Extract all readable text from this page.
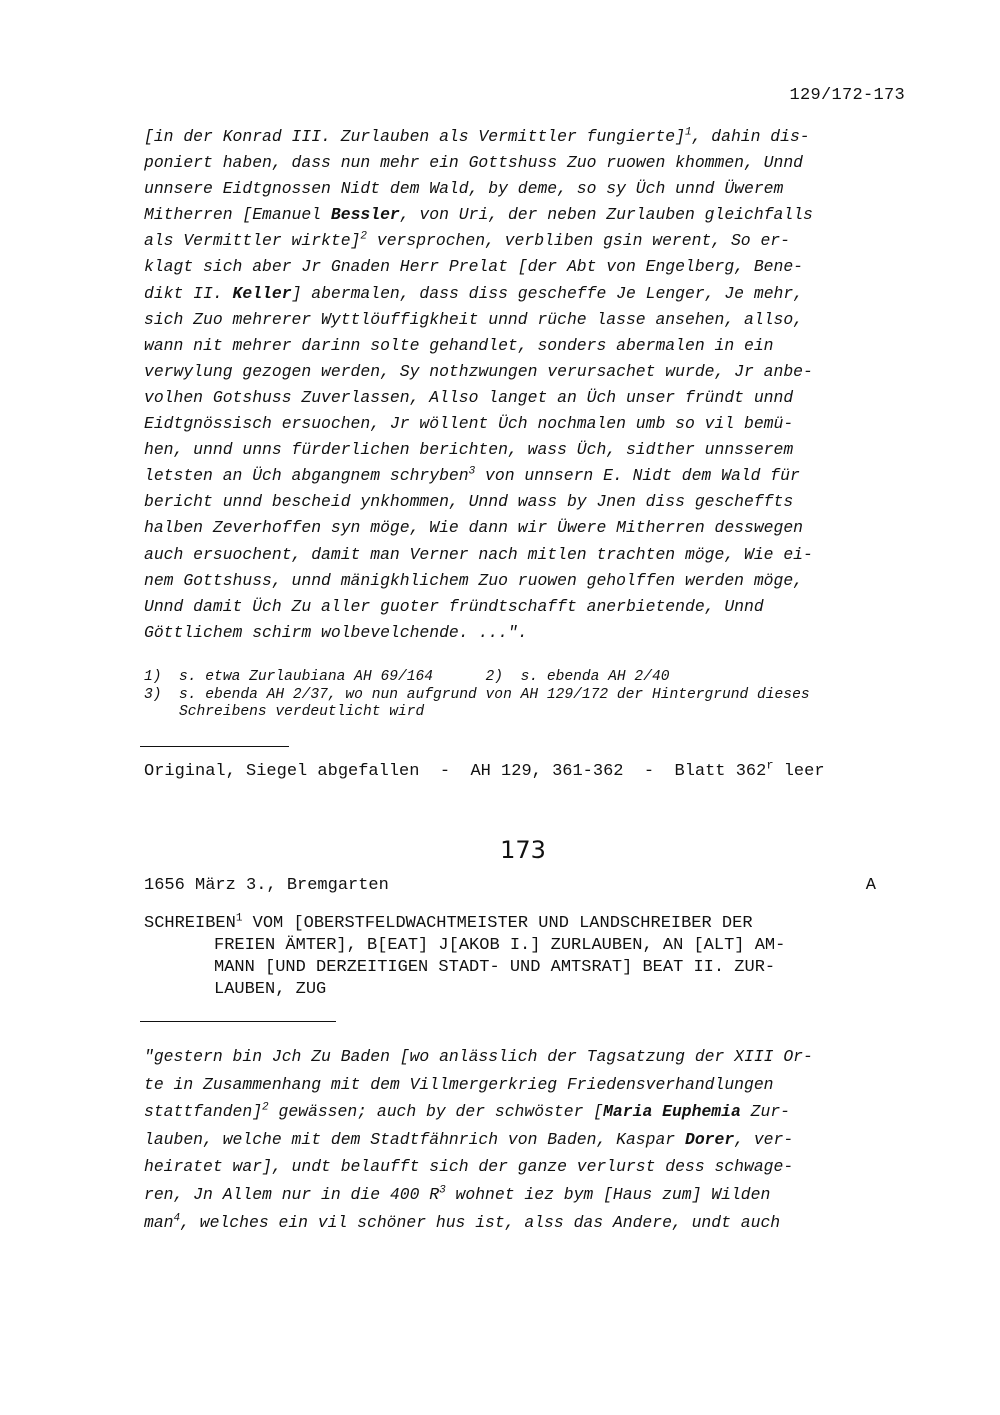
129/172-173
[in der Konrad III. Zurlauben als Vermittler fungierte]$^1$, dahin dis-
poniert haben, dass nun mehr ein Gottshuss Zuo ruowen khommen, Unnd
unnsere Eidtgnossen Nidt dem Wald, by deme, so sy Üch unnd Üwerem
Mitherren [Emanuel Bessler, von Uri, der neben Zurlauben gleichfalls
als Vermittler wirkte]$^2$ versprochen, verbliben gsin werent, So er-
klagt sich aber Jr Gnaden Herr Prelat [der Abt von Engelberg, Bene-
dikt II. Keller] abermalen, dass diss gescheffe Je Lenger, Je mehr,
sich Zuo mehrerer Wyttlöuffigkheit unnd rüche lasse ansehen, allso,
wann nit mehrer darinn solte gehandlet, sonders abermalen in ein
verwylung gezogen werden, Sy nothzwungen verursachet wurde, Jr anbe-
volhen Gotshuss Zuverlassen, Allso langet an Üch unser fründt unnd
Eidtgnössisch ersuochen, Jr wöllent Üch nochmalen umb so vil bemü-
hen, unnd unns fürderlichen berichten, wass Üch, sidther unnsserem
letsten an Üch abgangnem schryben$^3$ von unnsern E. Nidt dem Wald für
bericht unnd bescheid ynkhommen, Unnd wass by Jnen diss gescheffts
halben Zeverhoffen syn möge, Wie dann wir Üwere Mitherren desswegen
auch ersuochent, damit man Verner nach mitlen trachten möge, Wie ei-
nem Gottshuss, unnd mänigkhlichem Zuo ruowen geholffen werden möge,
Unnd damit Üch Zu aller guoter fründtschafft anerbietende, Unnd
Göttlichem schirm wolbevelchende. ...".
1)  s. etwa Zurlaubiana AH 69/164      2)  s. ebenda AH 2/40
3)  s. ebenda AH 2/37, wo nun aufgrund von AH 129/172 der Hintergrund dieses
Schreibens verdeutlicht wird
Original, Siegel abgefallen  -  AH 129, 361-362  -  Blatt 362$^r$ leer
173
1656 März 3., Bremgarten	A
SCHREIBEN$^1$ VOM [OBERSTFELDWACHTMEISTER UND LANDSCHREIBER DER
FREIEN ÄMTER], B[EAT] J[AKOB I.] ZURLAUBEN, AN [ALT] AM-
MANN [UND DERZEITIGEN STADT- UND AMTSRAT] BEAT II. ZUR-
LAUBEN, ZUG
"gestern bin Jch Zu Baden [wo anlässlich der Tagsatzung der XIII Or-
te in Zusammenhang mit dem Villmergerkrieg Friedensverhandlungen
stattfanden]$^2$ gewässen; auch by der schwöster [Maria Euphemia Zur-
lauben, welche mit dem Stadtfähnrich von Baden, Kaspar Dorer, ver-
heiratet war], undt belaufft sich der ganze verlurst dess schwage-
ren, Jn Allem nur in die 400 $R^3$ wohnet iez bym [Haus zum] Wilden
man$^4$, welches ein vil schöner hus ist, alss das Andere, undt auch
